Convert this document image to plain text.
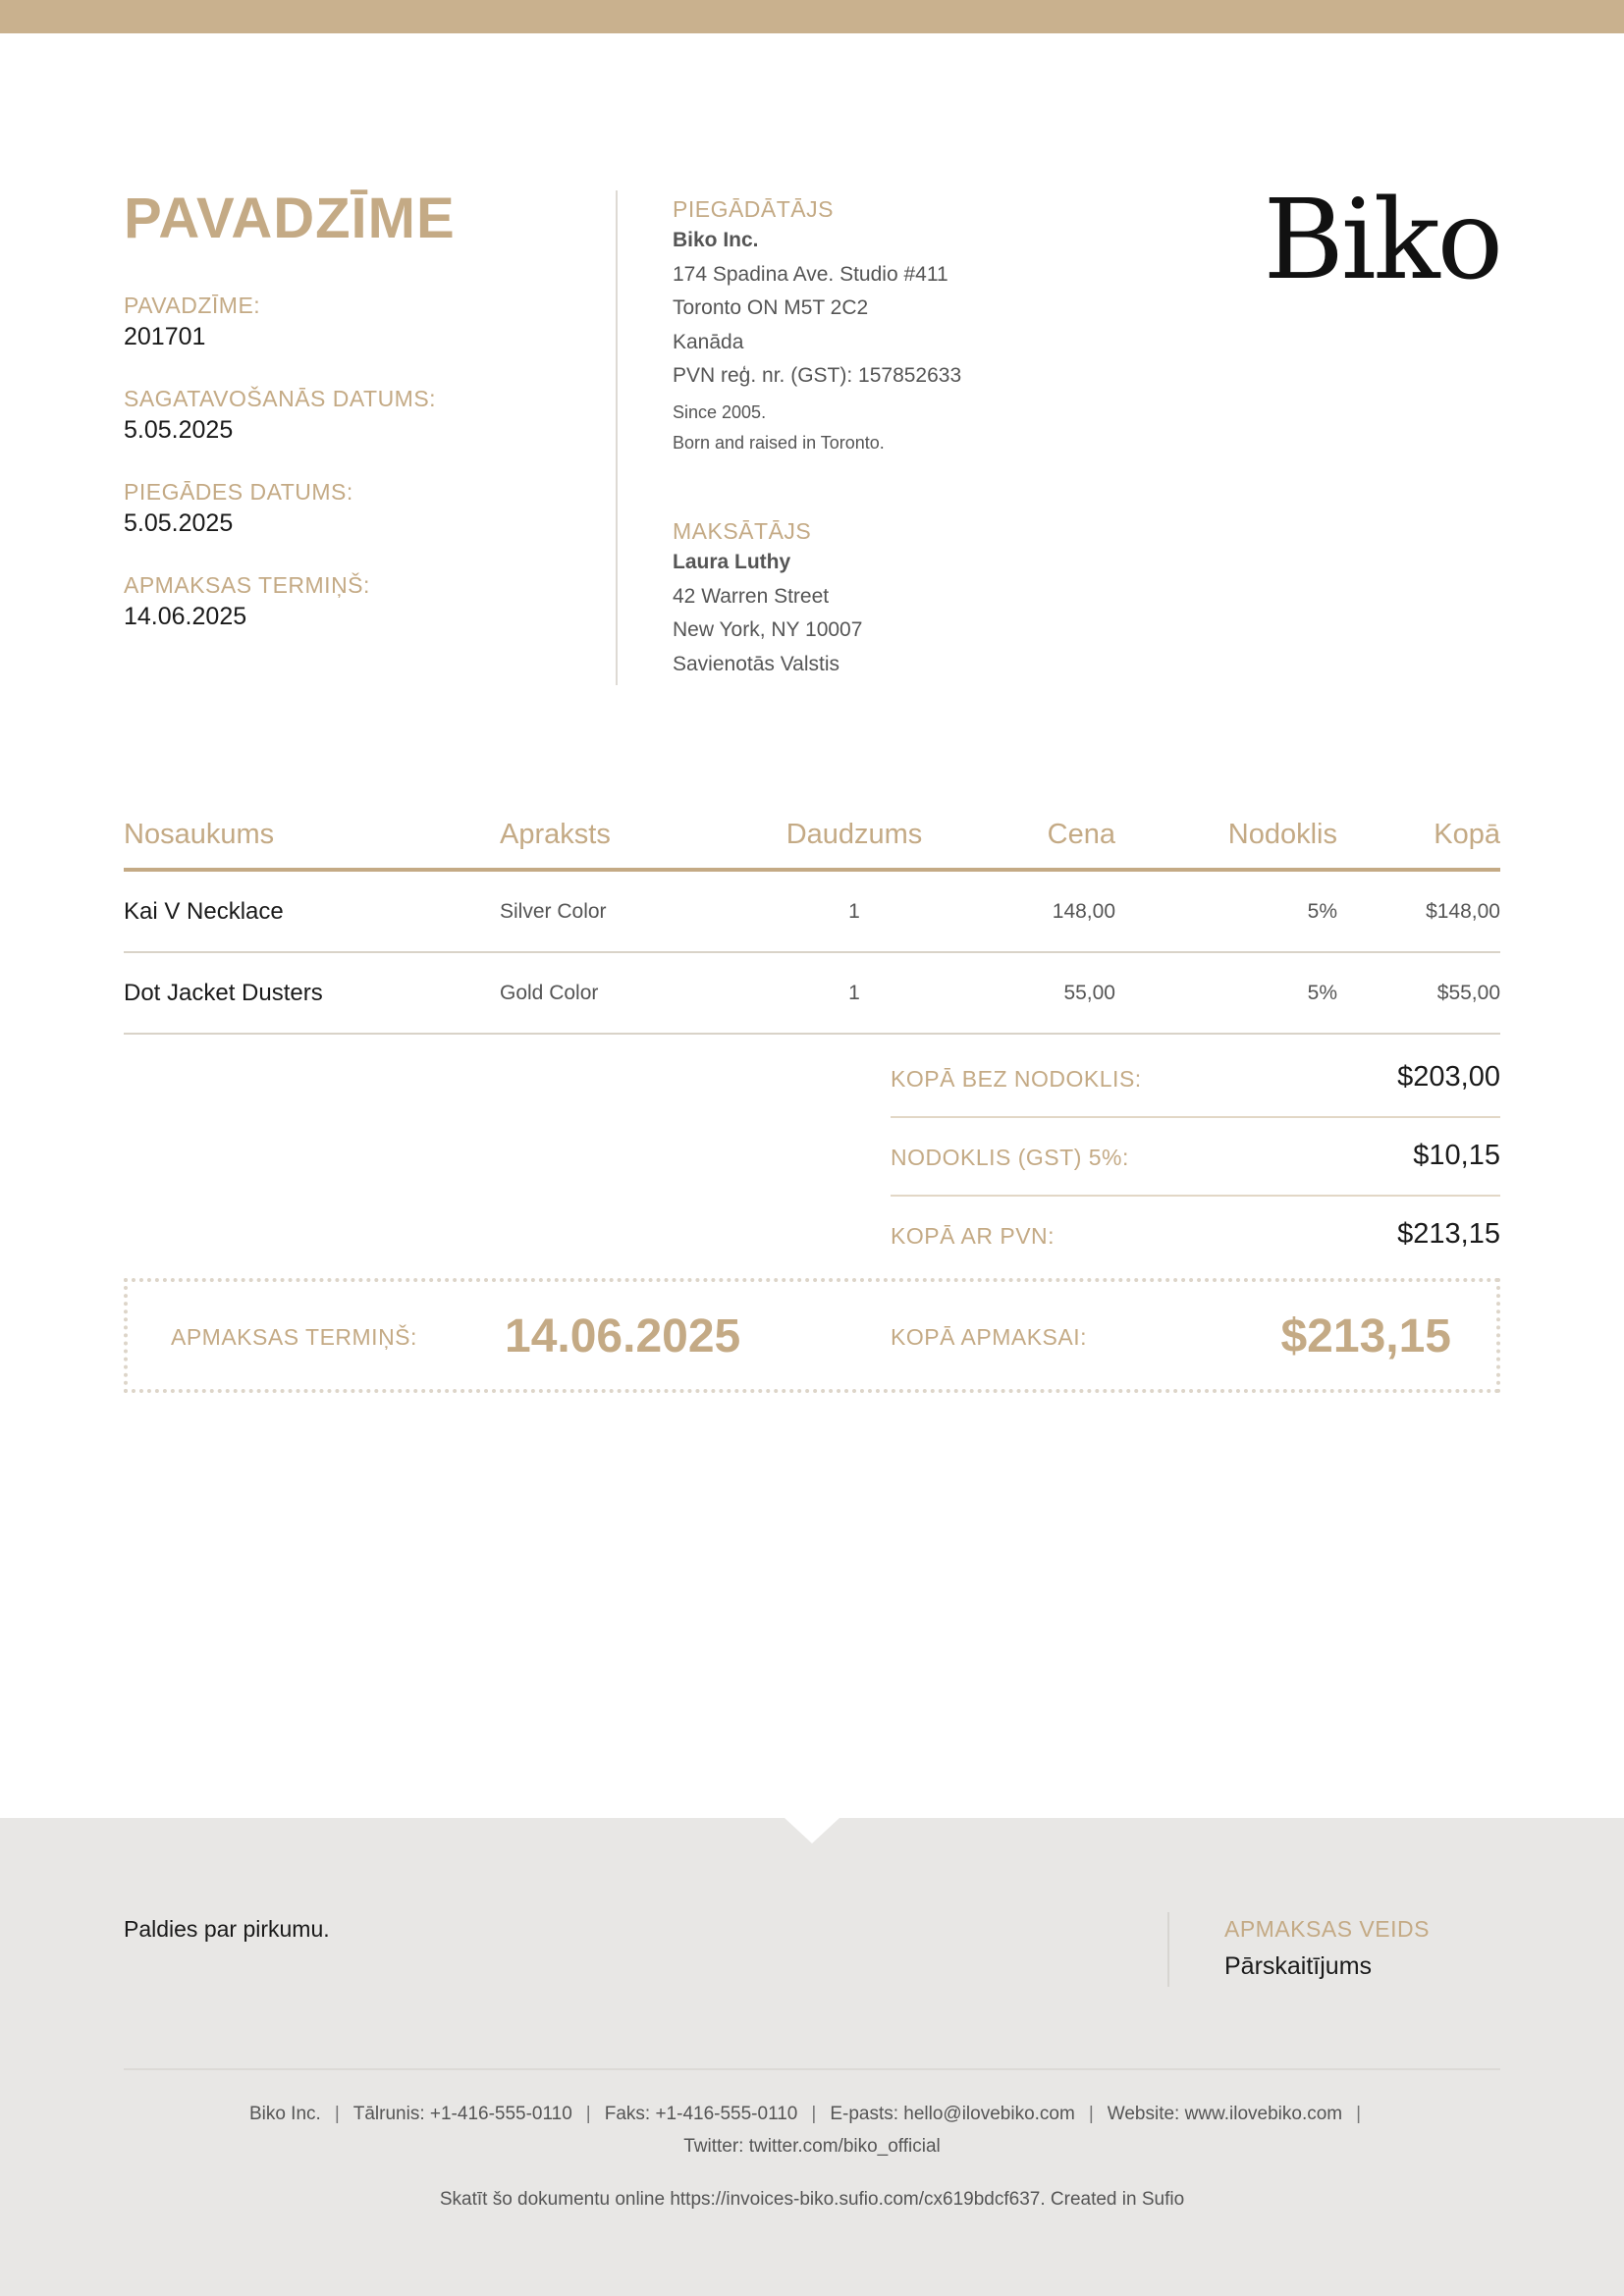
PAVADZĪME
PAVADZĪME:
201701
SAGATAVOŠANĀS DATUMS:
5.05.2025
PIEGĀDES DATUMS:
5.05.2025
APMAKSAS TERMIŅŠ:
14.06.2025
PIEGĀDĀTĀJS
Biko Inc.
174 Spadina Ave. Studio #411
Toronto ON M5T 2C2
Kanāda
PVN reģ. nr. (GST): 157852633
Since 2005.
Born and raised in Toronto.
MAKSĀTĀJS
Laura Luthy
42 Warren Street
New York, NY 10007
Savienotās Valstis
Biko
Nosaukums	Apraksts	Daudzums	Cena	Nodoklis	Kopā
Kai V Necklace	Silver Color	1	148,00	5%	$148,00
Dot Jacket Dusters	Gold Color	1	55,00	5%	$55,00
KOPĀ BEZ NODOKLIS:	$203,00
NODOKLIS (GST) 5%:	$10,15
KOPĀ AR PVN:	$213,15
APMAKSAS TERMIŅŠ: 14.06.2025	KOPĀ APMAKSAI:	$213,15
Paldies par pirkumu.	APMAKSAS VEIDS
Pārskaitījums
Biko Inc. | Tālrunis: +1-416-555-0110 | Faks: +1-416-555-0110 | E-pasts: hello@ilovebiko.com | Website: www.ilovebiko.com |
Twitter: twitter.com/biko_official
Skatīt šo dokumentu online https://invoices-biko.sufio.com/cx619bdcf637. Created in Sufio
